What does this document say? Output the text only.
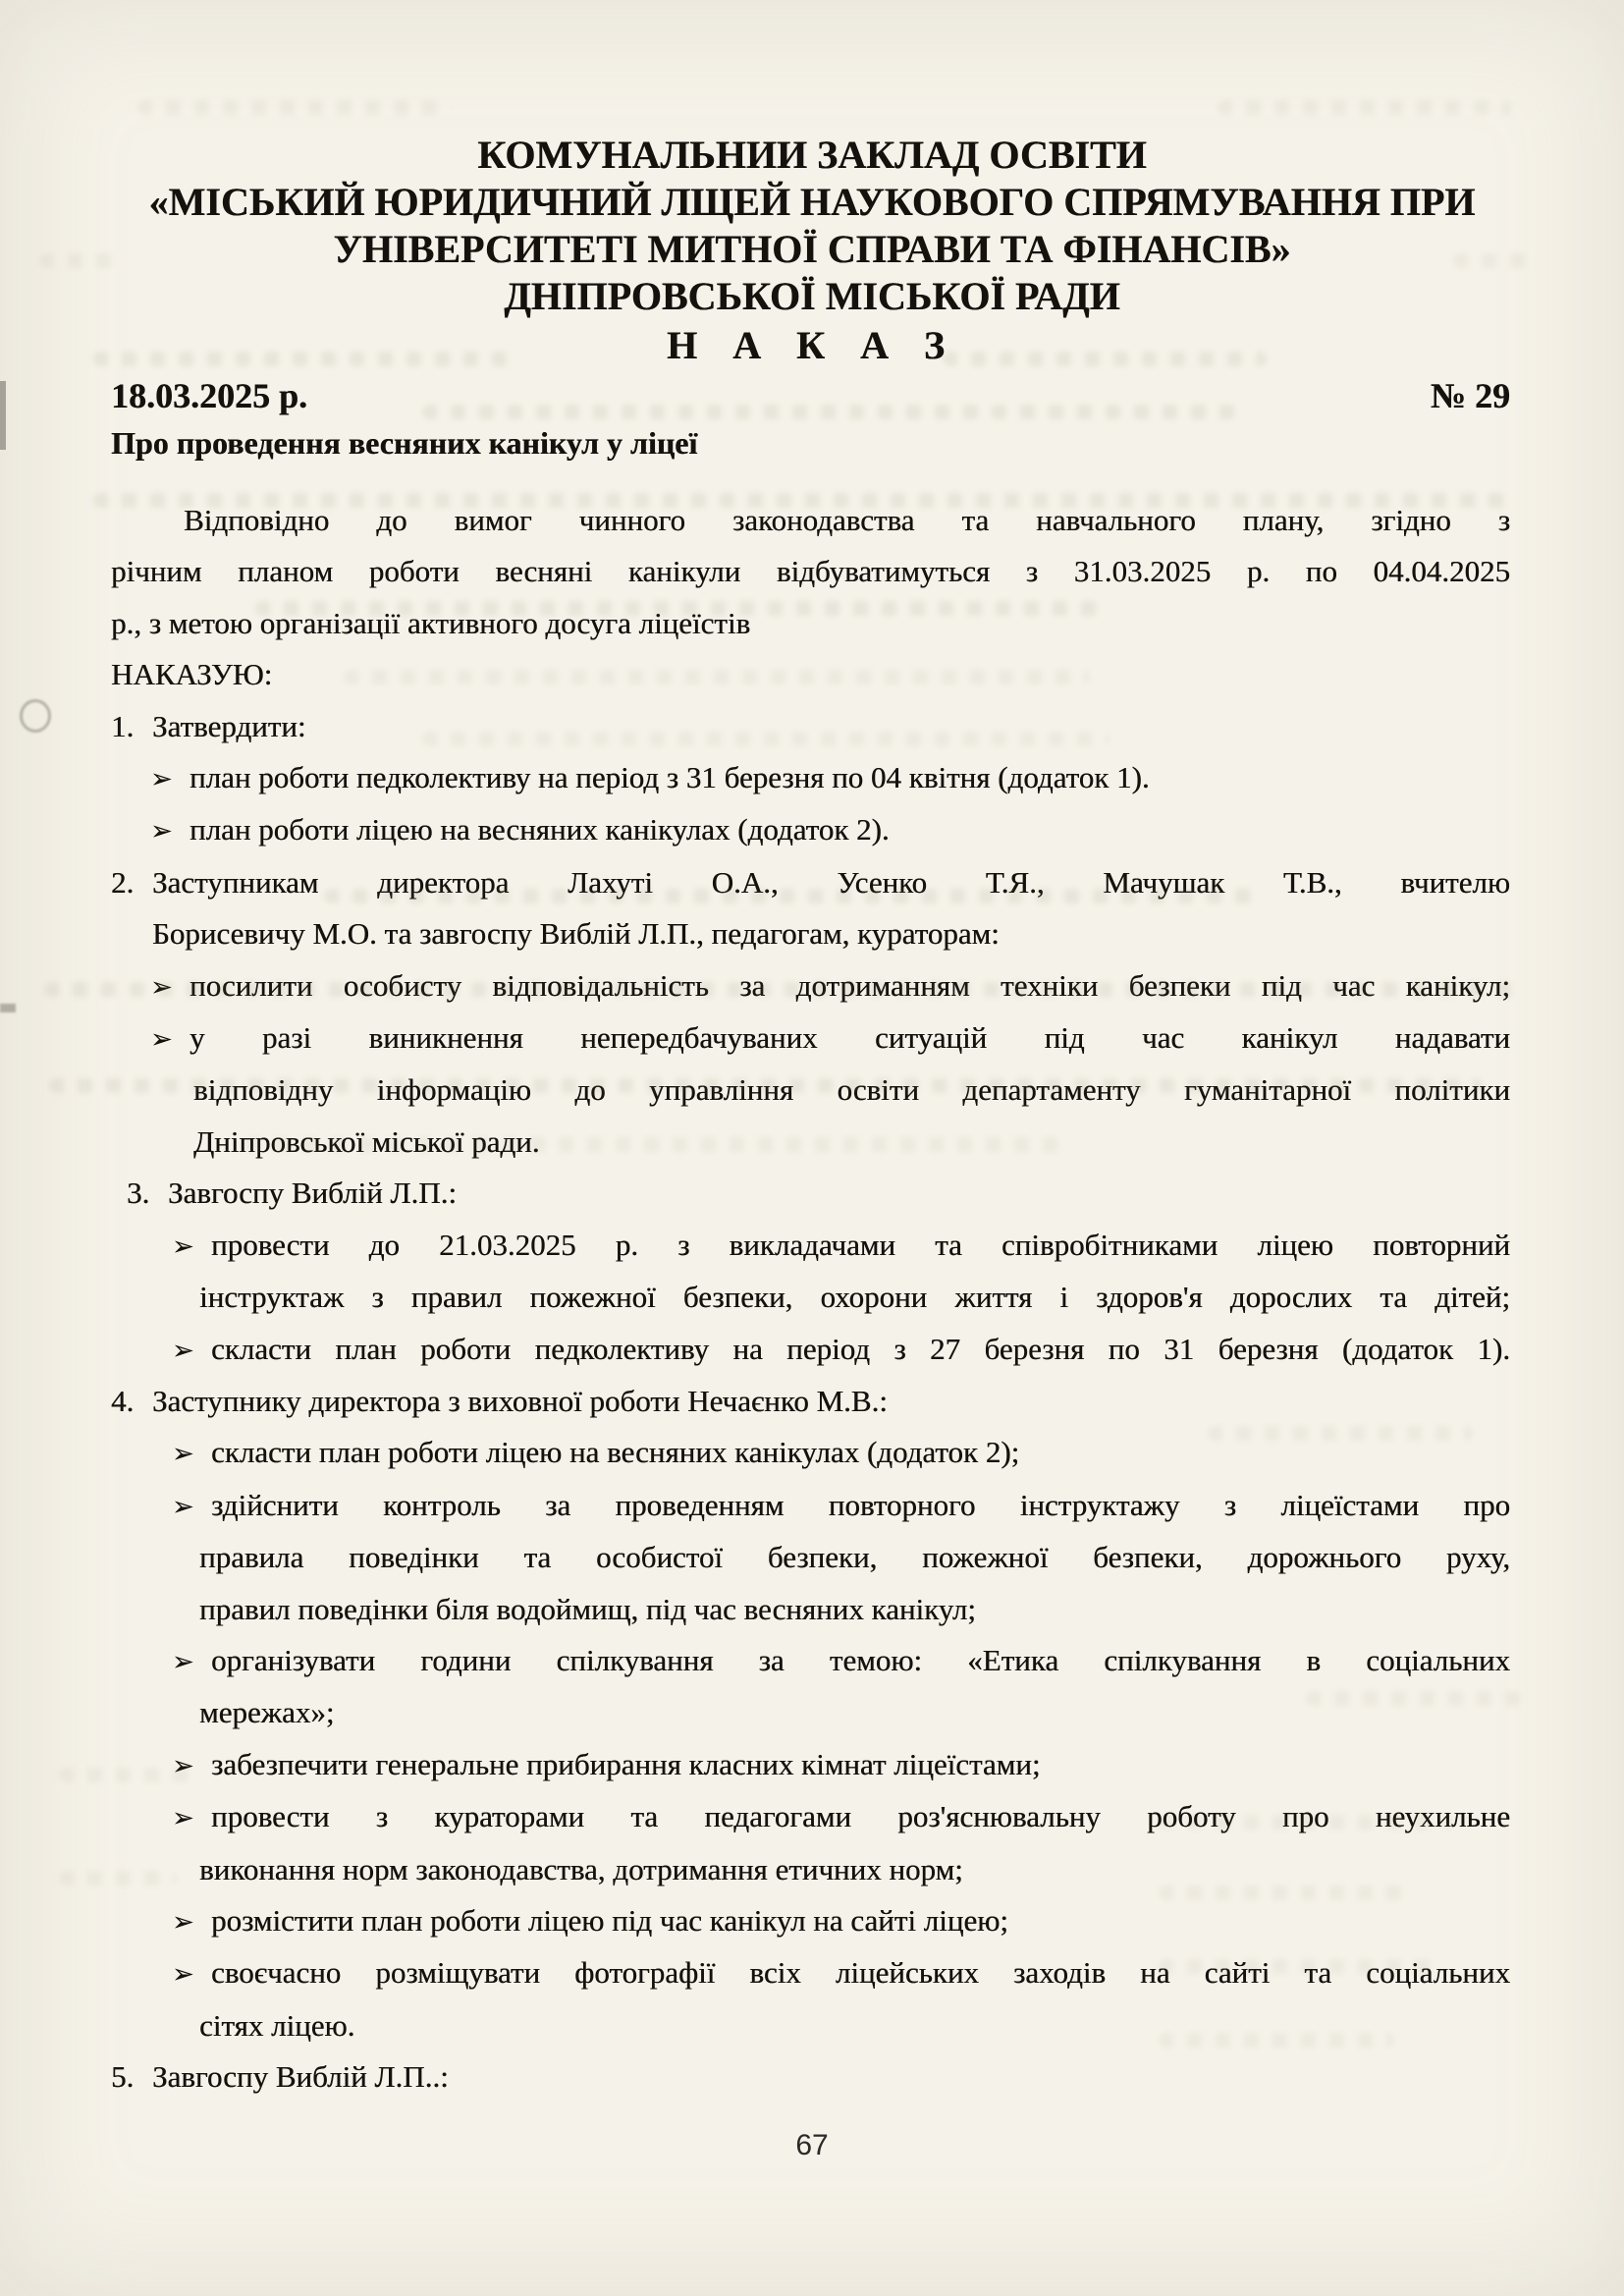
КОМУНАЛЬНИИ ЗАКЛАД ОСВІТИ
«МІСЬКИЙ ЮРИДИЧНИЙ ЛЩЕЙ НАУКОВОГО СПРЯМУВАННЯ ПРИ
УНІВЕРСИТЕТІ МИТНОЇ СПРАВИ ТА ФІНАНСІВ»
ДНІПРОВСЬКОЇ МІСЬКОЇ РАДИ
Н А К А З
18.03.2025 р.	№ 29
Про проведення весняних канікул у ліцеї
Відповідно до вимог чинного законодавства та навчального плану, згідно з
річним планом роботи весняні канікули відбуватимуться з 31.03.2025 р. по 04.04.2025
р., з метою організації активного досуга ліцеїстів
НАКАЗУЮ:
1. Затвердити:
➢ план роботи педколективу на період з 31 березня по 04 квітня (додаток 1).
➢ план роботи ліцею на весняних канікулах (додаток 2).
2. Заступникам директора Лахуті О.А., Усенко Т.Я., Мачушак Т.В., вчителю
Борисевичу М.О. та завгоспу Виблій Л.П., педагогам, кураторам:
➢ посилити особисту відповідальність за дотриманням техніки безпеки під час канікул;
➢ у разі виникнення непередбачуваних ситуацій під час канікул надавати
відповідну інформацію до управління освіти департаменту гуманітарної політики
Дніпровської міської ради.
3. Завгоспу Виблій Л.П.:
➢ провести до 21.03.2025 р. з викладачами та співробітниками ліцею повторний
інструктаж з правил пожежної безпеки, охорони життя і здоров'я дорослих та дітей;
➢ скласти план роботи педколективу на період з 27 березня по 31 березня (додаток 1).
4. Заступнику директора з виховної роботи Нечаєнко М.В.:
➢ скласти план роботи ліцею на весняних канікулах (додаток 2);
➢ здійснити контроль за проведенням повторного інструктажу з ліцеїстами про
правила поведінки та особистої безпеки, пожежної безпеки, дорожнього руху,
правил поведінки біля водоймищ, під час весняних канікул;
➢ організувати години спілкування за темою: «Етика спілкування в соціальних
мережах»;
➢ забезпечити генеральне прибирання класних кімнат ліцеїстами;
➢ провести з кураторами та педагогами роз'яснювальну роботу про неухильне
виконання норм законодавства, дотримання етичних норм;
➢ розмістити план роботи ліцею під час канікул на сайті ліцею;
➢ своєчасно розміщувати фотографії всіх ліцейських заходів на сайті та соціальних
сітях ліцею.
5. Завгоспу Виблій Л.П..:
67
